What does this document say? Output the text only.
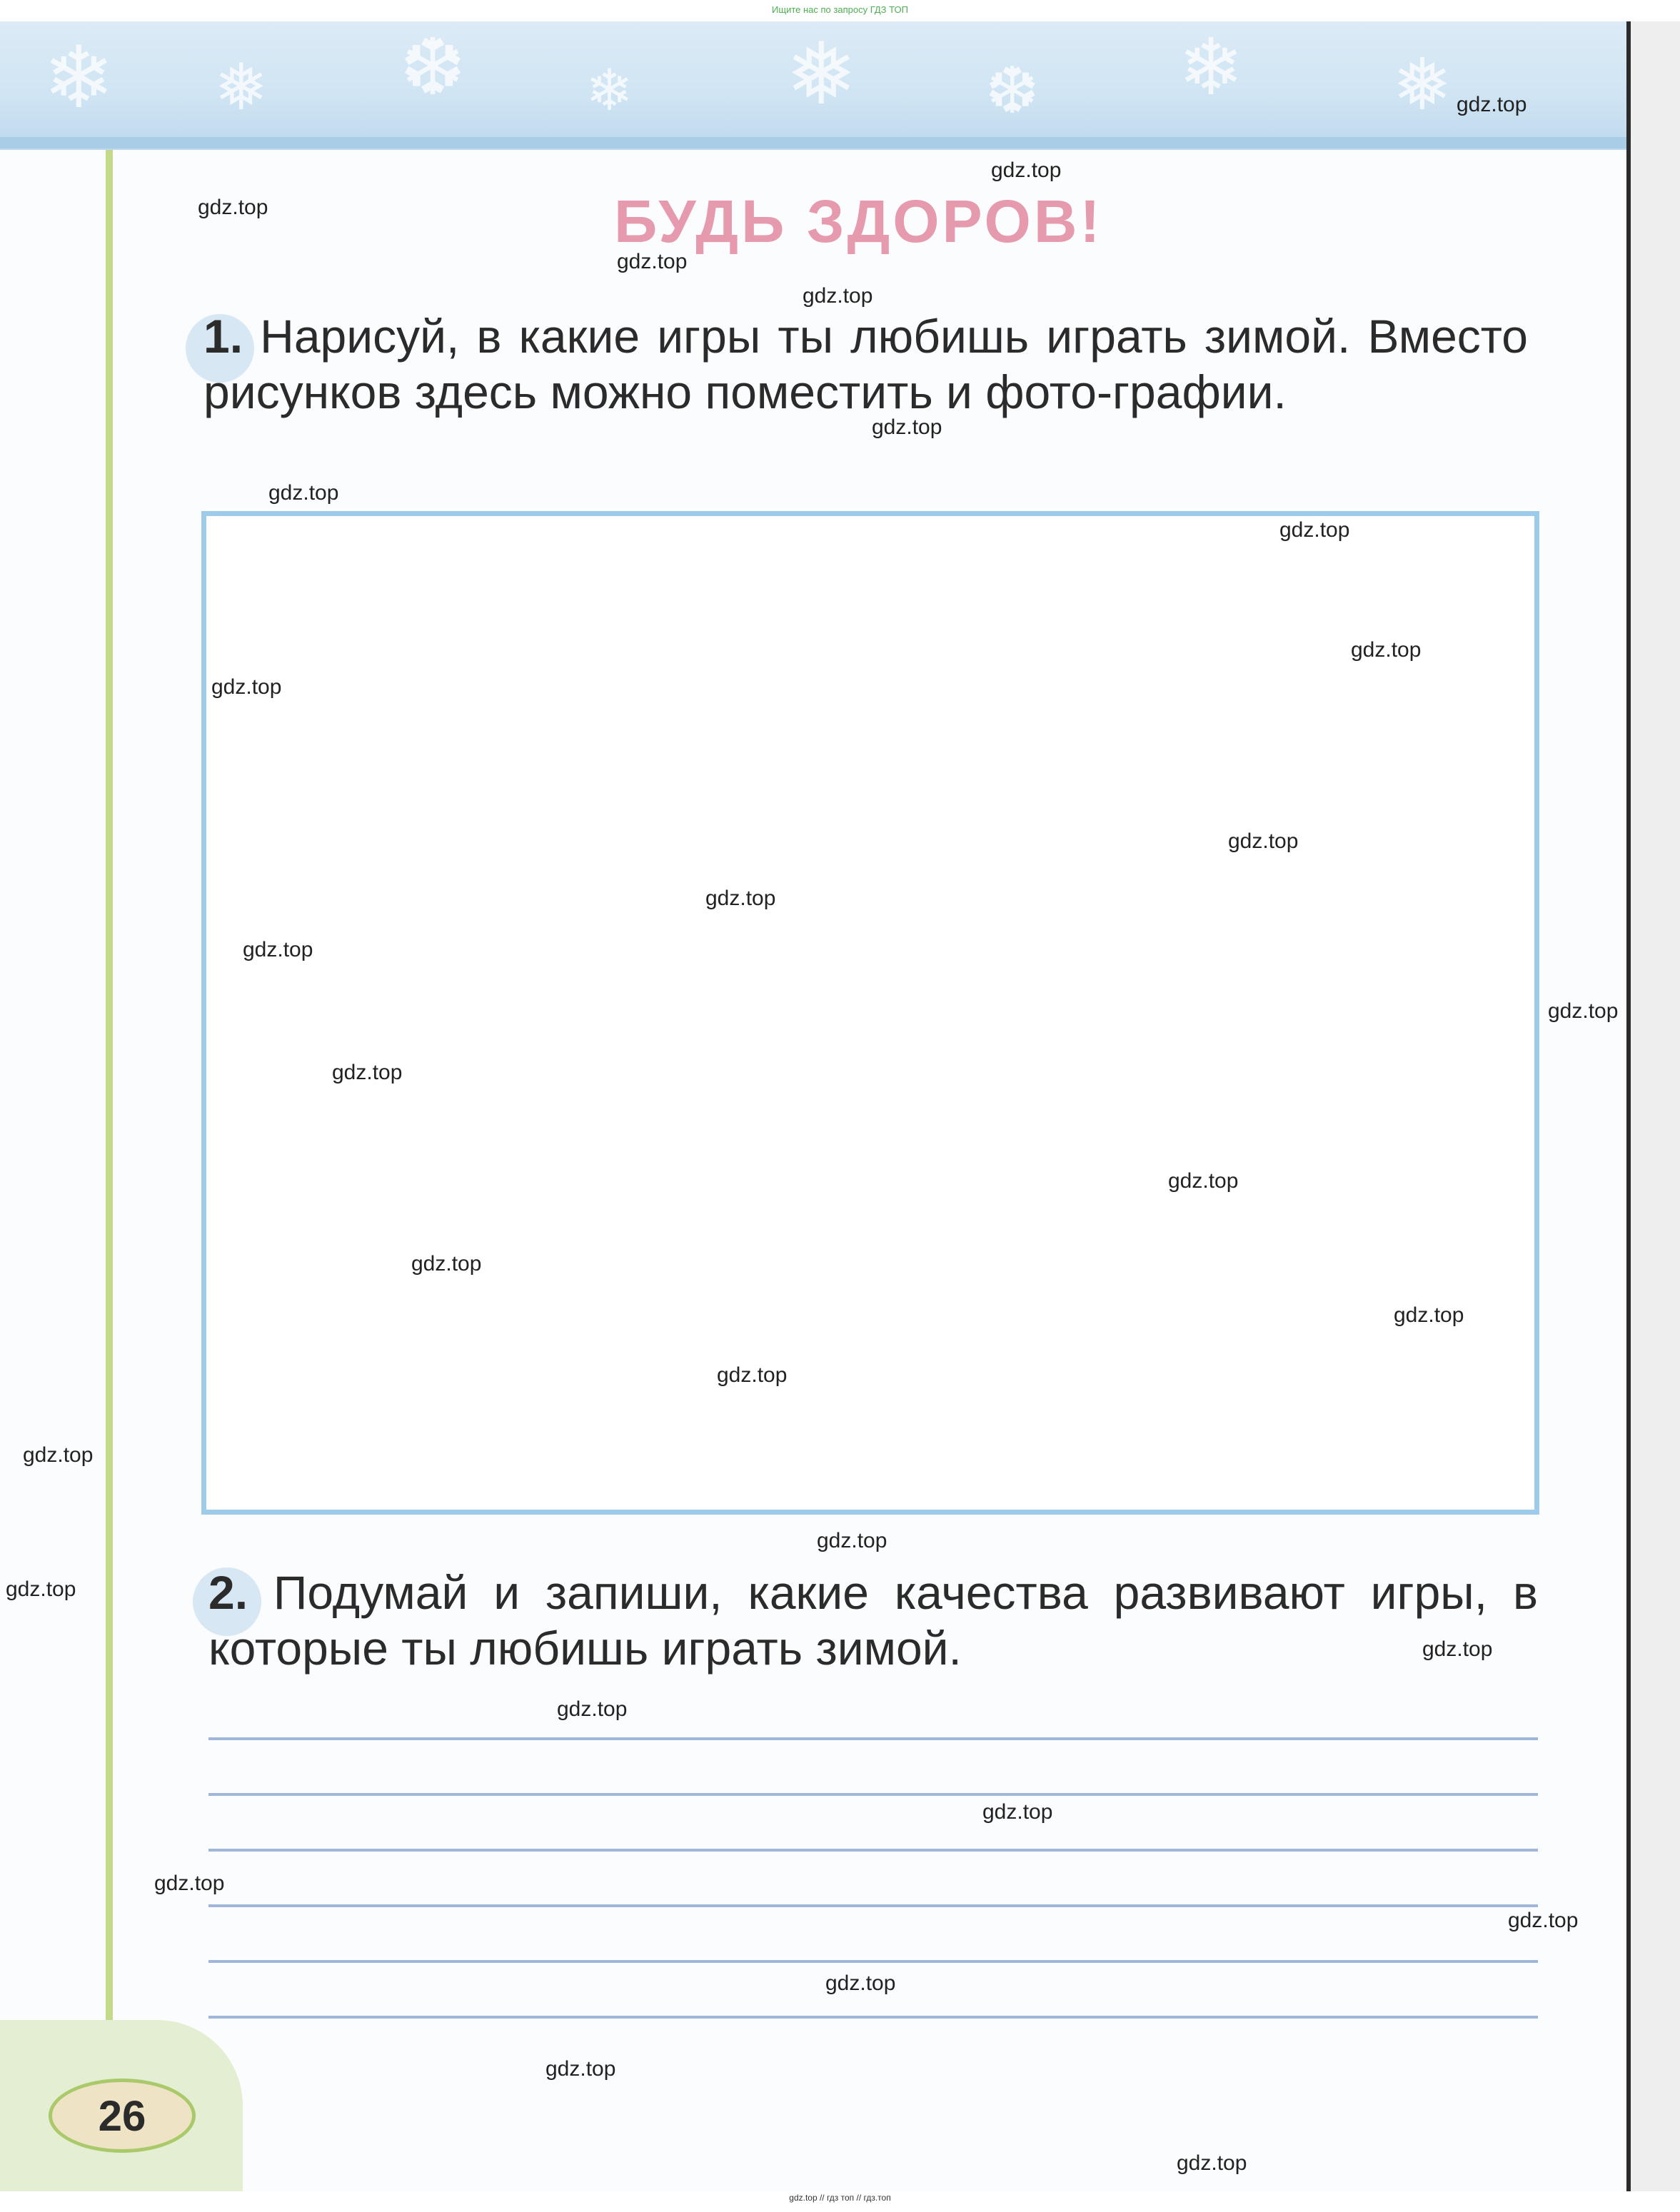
❄ ❅ ❆ ❄ ❅ ❆ ❄ ❅
Ищите нас по запросу ГДЗ ТОП
БУДЬ ЗДОРОВ!
1. Нарисуй, в какие игры ты любишь играть зимой. Вместо рисунков здесь можно поместить и фото-графии.
2. Подумай и запиши, какие качества развивают игры, в которые ты любишь играть зимой.
26
gdz.top
gdz.top
gdz.top
gdz.top
gdz.top
gdz.top
gdz.top
gdz.top
gdz.top
gdz.top
gdz.top
gdz.top
gdz.top
gdz.top
gdz.top
gdz.top
gdz.top
gdz.top
gdz.top
gdz.top
gdz.top
gdz.top
gdz.top
gdz.top
gdz.top
gdz.top
gdz.top
gdz.top
gdz.top
gdz.top
gdz.top // гдз топ // гдз.топ
